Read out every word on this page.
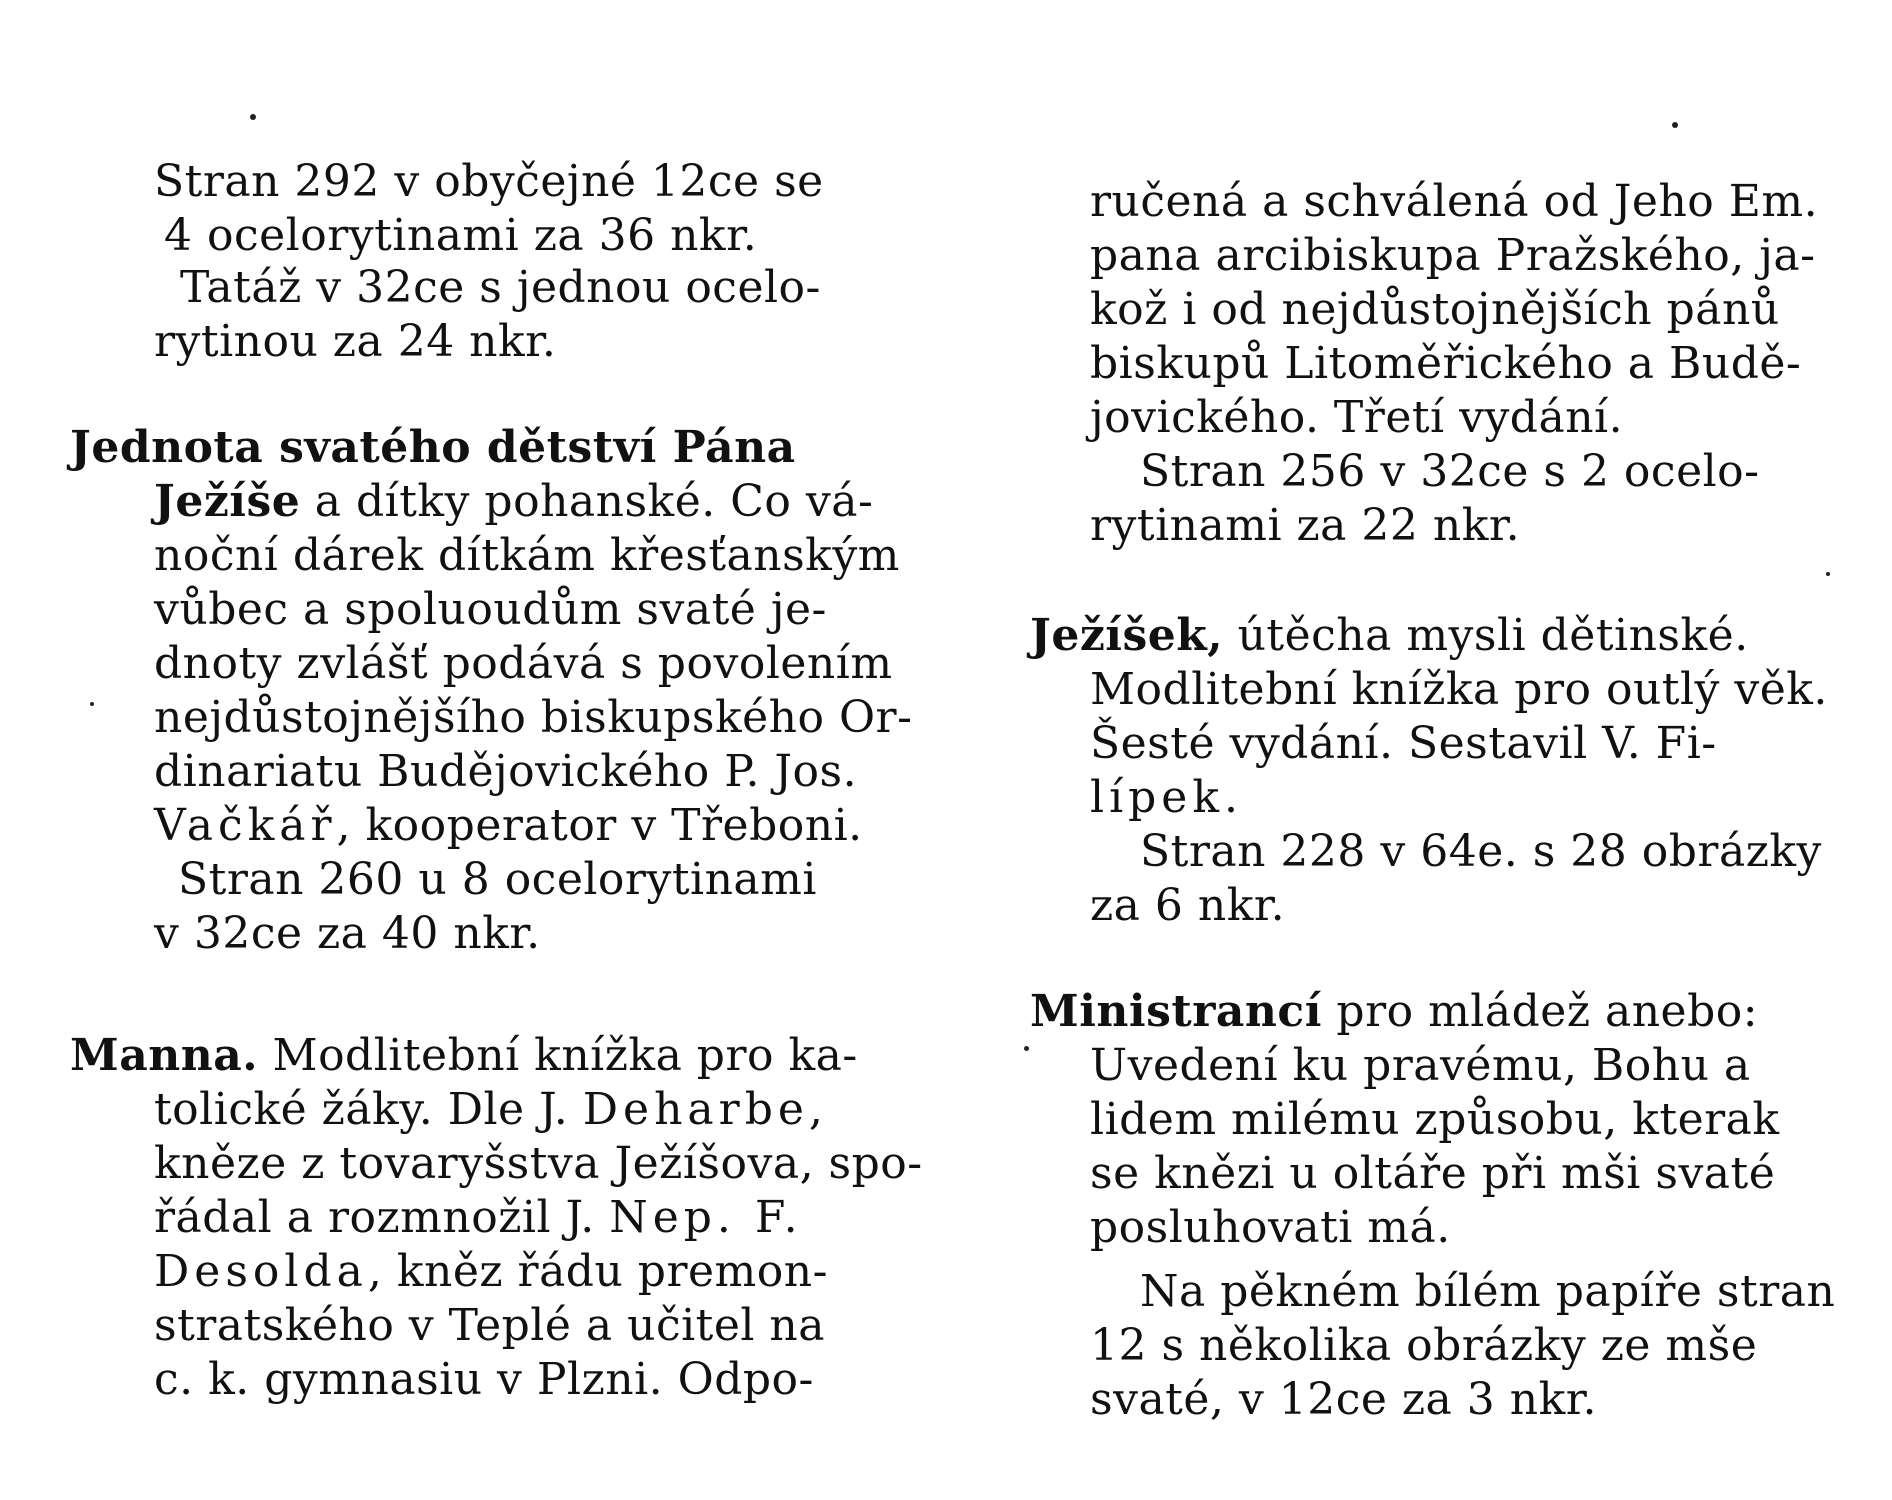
Stran 292 v obyčejné 12ce se
4 ocelorytinami za 36 nkr.
Tatáž v 32ce s jednou ocelo-
rytinou za 24 nkr.
Jednota svatého dětství Pána
Ježíše a dítky pohanské. Co vá-
noční dárek dítkám křesťanským
vůbec a spoluoudům svaté je-
dnoty zvlášť podává s povolením
nejdůstojnějšího biskupského Or-
dinariatu Budějovického P. Jos.
Vačkář, kooperator v Třeboni.
Stran 260 u 8 ocelorytinami
v 32ce za 40 nkr.
Manna. Modlitební knížka pro ka-
tolické žáky. Dle J. Deharbe,
kněze z tovaryšstva Ježíšova, spo-
řádal a rozmnožil J. Nep. F.
Desolda, kněz řádu premon-
stratského v Teplé a učitel na
c. k. gymnasiu v Plzni. Odpo-
ručená a schválená od Jeho Em.
pana arcibiskupa Pražského, ja-
kož i od nejdůstojnějších pánů
biskupů Litoměřického a Budě-
jovického. Třetí vydání.
Stran 256 v 32ce s 2 ocelo-
rytinami za 22 nkr.
Ježíšek, útěcha mysli dětinské.
Modlitební knížka pro outlý věk.
Šesté vydání. Sestavil V. Fi-
lípek.
Stran 228 v 64e. s 28 obrázky
za 6 nkr.
Ministrancí pro mládež anebo:
Uvedení ku pravému, Bohu a
lidem milému způsobu, kterak
se knězi u oltáře při mši svaté
posluhovati má.
Na pěkném bílém papíře stran
12 s několika obrázky ze mše
svaté, v 12ce za 3 nkr.
